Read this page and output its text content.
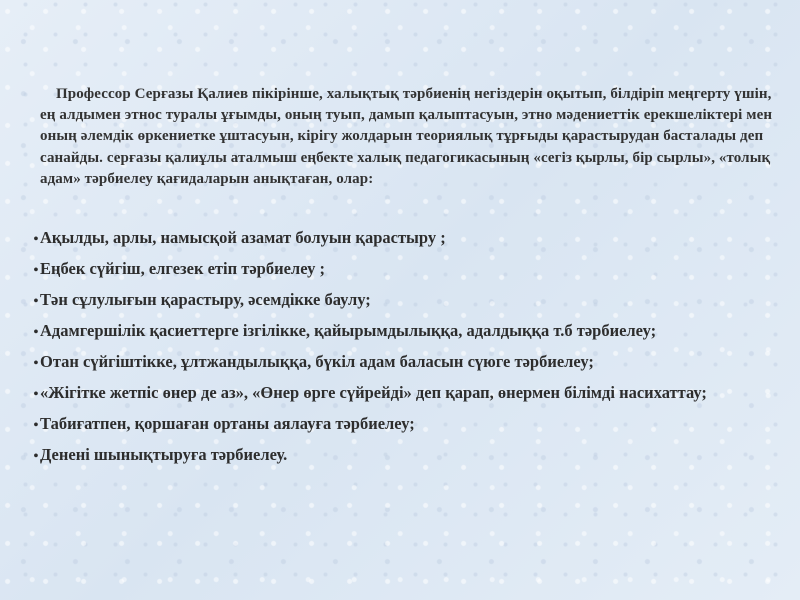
Профессор Серғазы Қалиев пікірінше, халықтық тәрбиенің негіздерін оқытып, білдіріп меңгерту үшін, ең алдымен этнос туралы ұғымды, оның туып, дамып қалыптасуын, этно мәдениеттік ерекшеліктері мен оның әлемдік өркениетке ұштасуын, кірігу жолдарын теориялық тұрғыды қарастырудан басталады деп санайды. серғазы қалиұлы аталмыш еңбекте халық педагогикасының «сегіз қырлы, бір сырлы», «толық адам» тәрбиелеу қағидаларын анықтаған, олар:
•Ақылды, арлы, намысқой азамат болуын қарастыру ;
•Еңбек сүйгіш, елгезек етіп тәрбиелеу ;
•Тән сұлулығын қарастыру, әсемдікке баулу;
•Адамгершілік қасиеттерге ізгілікке, қайырымдылыққа, адалдыққа т.б тәрбиелеу;
•Отан сүйгіштікке, ұлтжандылыққа, бүкіл адам баласын сүюге тәрбиелеу;
•«Жігітке жетпіс өнер де аз», «Өнер өрге сүйрейді» деп қарап, өнермен білімді насихаттау;
•Табиғатпен, қоршаған ортаны аялауға тәрбиелеу;
•Денені шынықтыруға тәрбиелеу.
